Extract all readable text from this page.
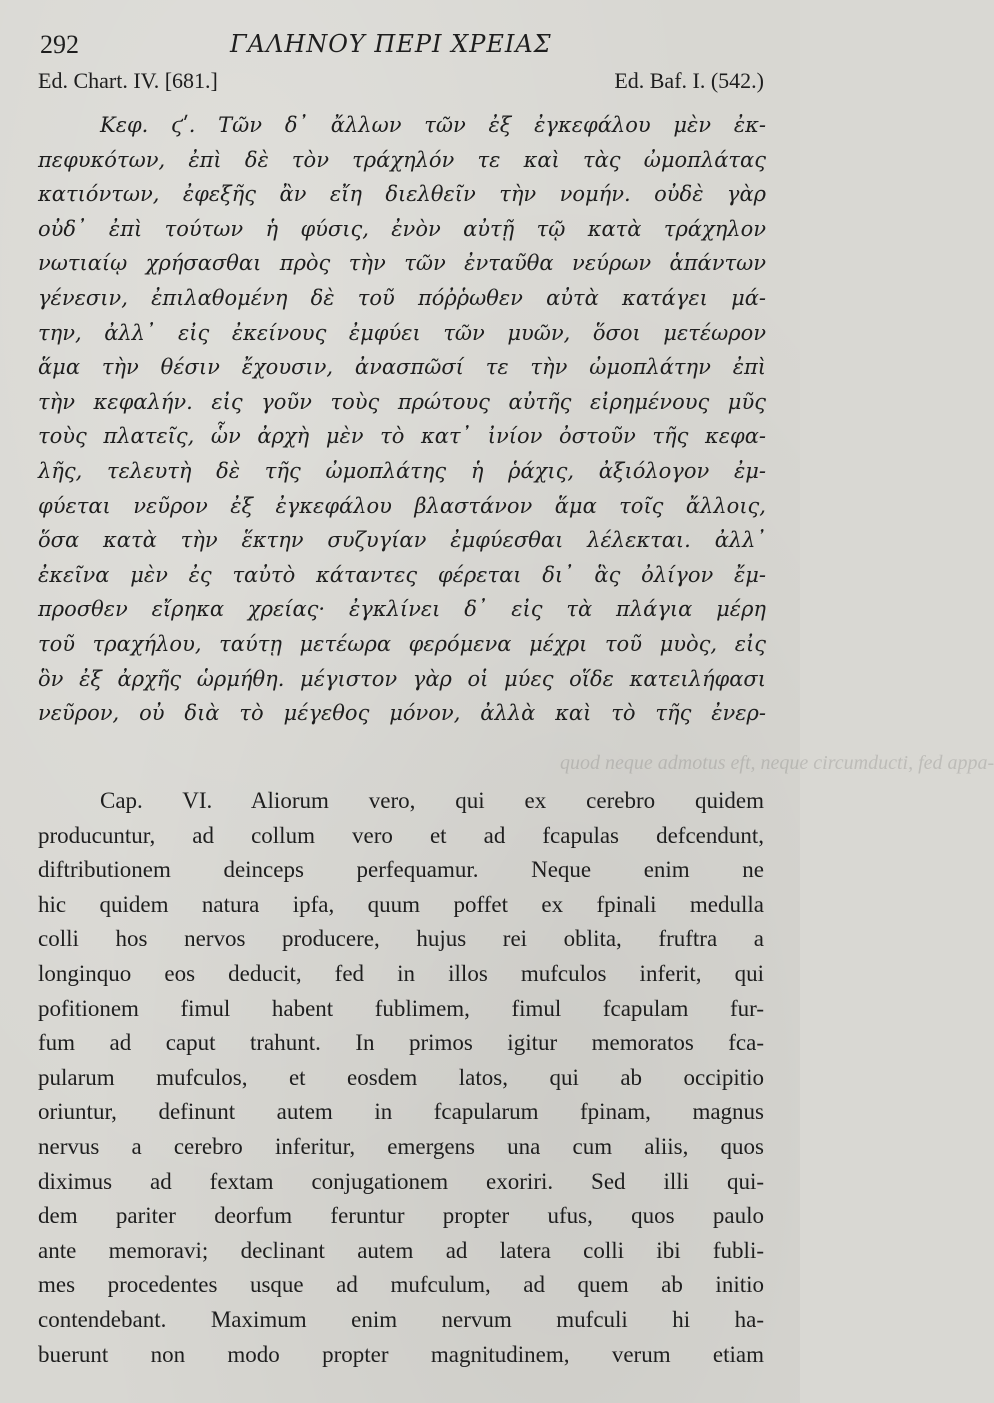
292	ΓΑΛΗΝΟΥ ΠΕΡΙ ΧΡΕΙΑΣ
Ed. Chart. IV. [681.]	Ed. Baf. I. (542.)
Κεφ. ϛʹ. Τῶν δ᾽ ἄλλων τῶν ἐξ ἐγκεφάλου μὲν ἐκ-
πεφυκότων, ἐπὶ δὲ τὸν τράχηλόν τε καὶ τὰς ὠμοπλάτας
κατιόντων, ἐφεξῆς ἂν εἴη διελθεῖν τὴν νομήν. οὐδὲ γὰρ
οὐδ᾽ ἐπὶ τούτων ἡ φύσις, ἐνὸν αὐτῇ τῷ κατὰ τράχηλον
νωτιαίῳ χρήσασθαι πρὸς τὴν τῶν ἐνταῦθα νεύρων ἁπάντων
γένεσιν, ἐπιλαθομένη δὲ τοῦ πόῤῥωθεν αὐτὰ κατάγει μά-
την, ἀλλ᾽ εἰς ἐκείνους ἐμφύει τῶν μυῶν, ὅσοι μετέωρον
ἅμα τὴν θέσιν ἔχουσιν, ἀνασπῶσί τε τὴν ὠμοπλάτην ἐπὶ
τὴν κεφαλήν. εἰς γοῦν τοὺς πρώτους αὐτῆς εἰρημένους μῦς
τοὺς πλατεῖς, ὧν ἀρχὴ μὲν τὸ κατ᾽ ἰνίον ὀστοῦν τῆς κεφα-
λῆς, τελευτὴ δὲ τῆς ὠμοπλάτης ἡ ῥάχις, ἀξιόλογον ἐμ-
φύεται νεῦρον ἐξ ἐγκεφάλου βλαστάνον ἅμα τοῖς ἄλλοις,
ὅσα κατὰ τὴν ἕκτην συζυγίαν ἐμφύεσθαι λέλεκται. ἀλλ᾽
ἐκεῖνα μὲν ἐς ταὐτὸ κάταντες φέρεται δι᾽ ἃς ὀλίγον ἔμ-
προσθεν εἴρηκα χρείας· ἐγκλίνει δ᾽ εἰς τὰ πλάγια μέρη
τοῦ τραχήλου, ταύτῃ μετέωρα φερόμενα μέχρι τοῦ μυὸς, εἰς
ὃν ἐξ ἀρχῆς ὡρμήθη. μέγιστον γὰρ οἱ μύες οἵδε κατειλήφασι
νεῦρον, οὐ διὰ τὸ μέγεθος μόνον, ἀλλὰ καὶ τὸ τῆς ἐνερ-
quod neque admotus eft, neque circumducti, fed appa-
Cap. VI. Aliorum vero, qui ex cerebro quidem
producuntur, ad collum vero et ad fcapulas defcendunt,
diftributionem deinceps perfequamur. Neque enim ne
hic quidem natura ipfa, quum poffet ex fpinali medulla
colli hos nervos producere, hujus rei oblita, fruftra a
longinquo eos deducit, fed in illos mufculos inferit, qui
pofitionem fimul habent fublimem, fimul fcapulam fur-
fum ad caput trahunt. In primos igitur memoratos fca-
pularum mufculos, et eosdem latos, qui ab occipitio
oriuntur, definunt autem in fcapularum fpinam, magnus
nervus a cerebro inferitur, emergens una cum aliis, quos
diximus ad fextam conjugationem exoriri. Sed illi qui-
dem pariter deorfum feruntur propter ufus, quos paulo
ante memoravi; declinant autem ad latera colli ibi fubli-
mes procedentes usque ad mufculum, ad quem ab initio
contendebant. Maximum enim nervum mufculi hi ha-
buerunt non modo propter magnitudinem, verum etiam
